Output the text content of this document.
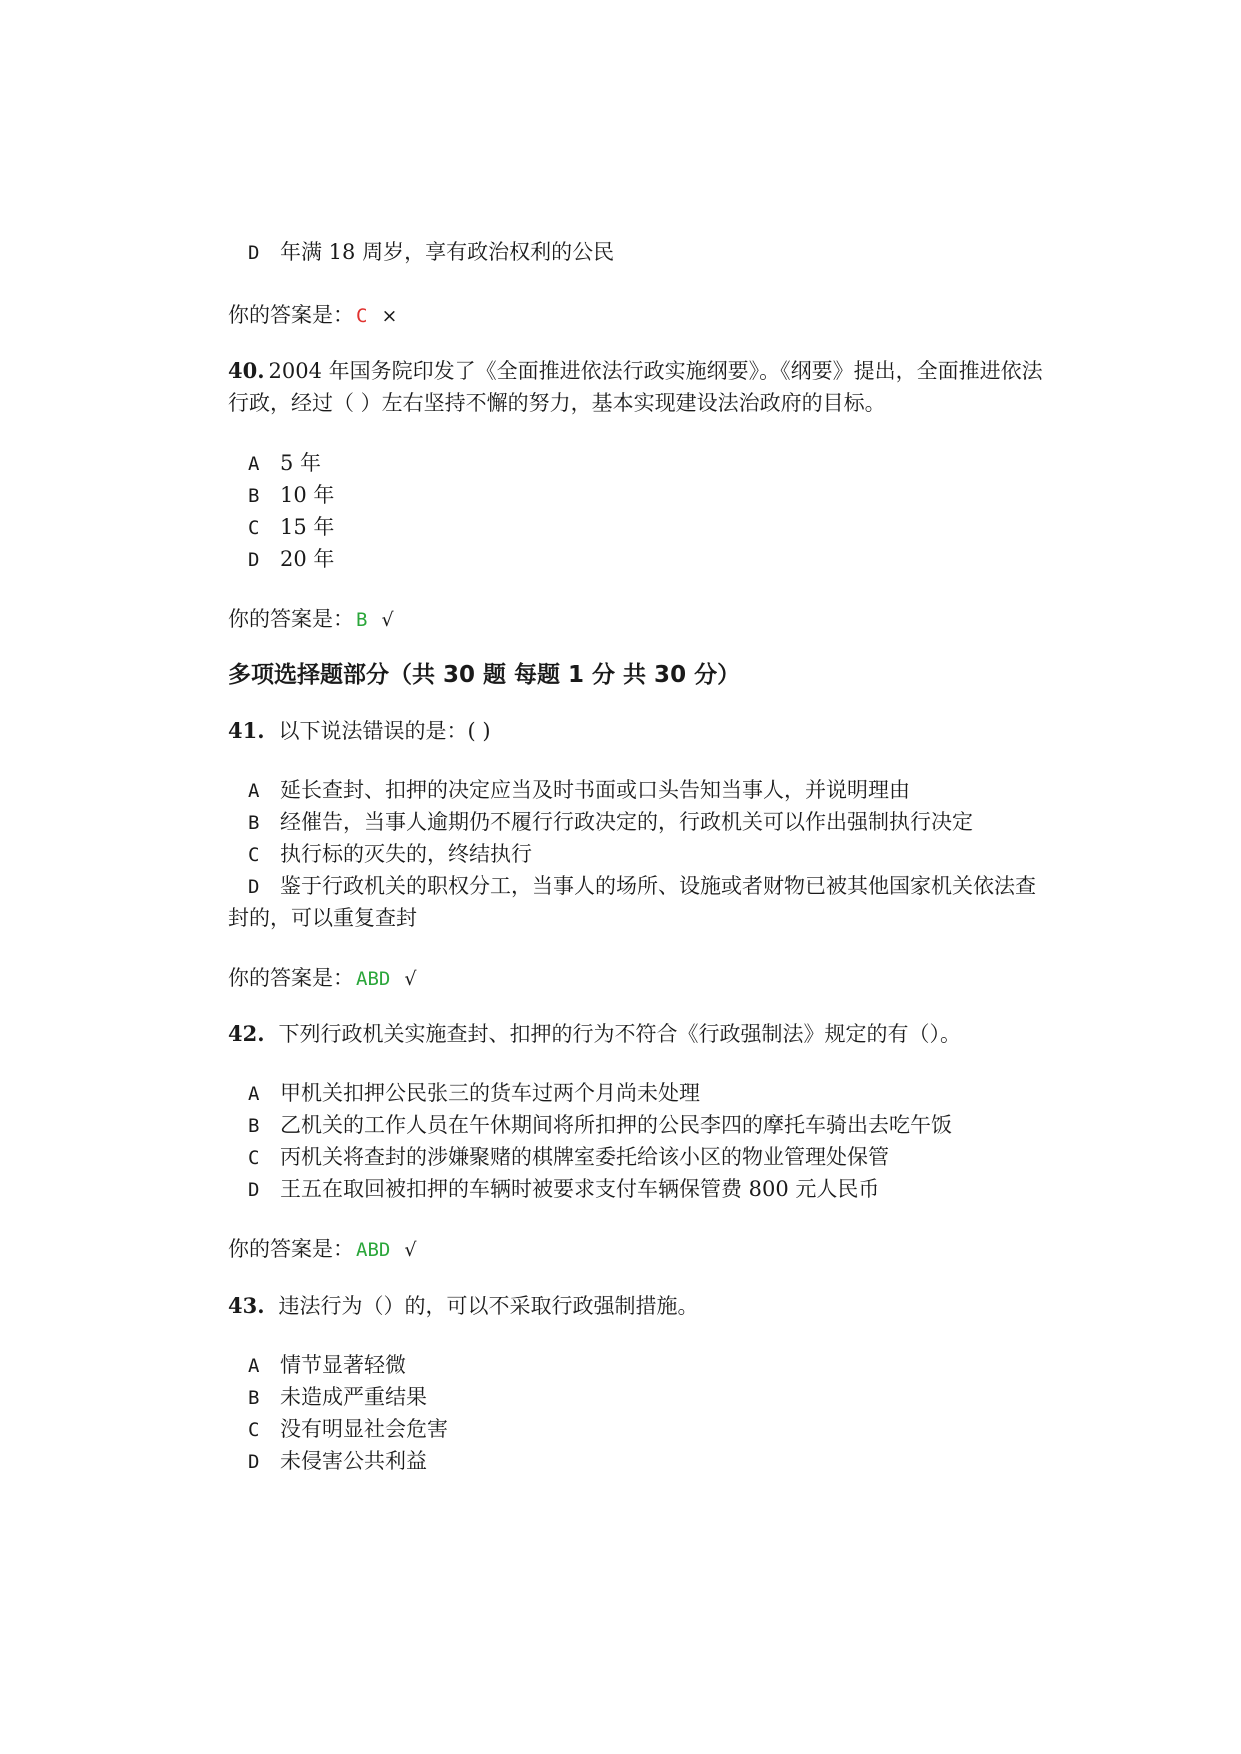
D 年满 18 周岁，享有政治权利的公民
你的答案是： C ×
40. 2004 年国务院印发了《全面推进依法行政实施纲要》。《纲要》提出，全面推进依法
行政，经过（ ）左右坚持不懈的努力，基本实现建设法治政府的目标。
A 5 年
B 10 年
C 15 年
D 20 年
你的答案是： B √
多项选择题部分（共 30 题 每题 1 分 共 30 分）
41. 以下说法错误的是：( )
A 延长查封、扣押的决定应当及时书面或口头告知当事人，并说明理由
B 经催告，当事人逾期仍不履行行政决定的，行政机关可以作出强制执行决定
C 执行标的灭失的，终结执行
D 鉴于行政机关的职权分工，当事人的场所、设施或者财物已被其他国家机关依法查
封的，可以重复查封
你的答案是： ABD √
42. 下列行政机关实施查封、扣押的行为不符合《行政强制法》规定的有（）。
A 甲机关扣押公民张三的货车过两个月尚未处理
B 乙机关的工作人员在午休期间将所扣押的公民李四的摩托车骑出去吃午饭
C 丙机关将查封的涉嫌聚赌的棋牌室委托给该小区的物业管理处保管
D 王五在取回被扣押的车辆时被要求支付车辆保管费 800 元人民币
你的答案是： ABD √
43. 违法行为（）的，可以不采取行政强制措施。
A 情节显著轻微
B 未造成严重结果
C 没有明显社会危害
D 未侵害公共利益
